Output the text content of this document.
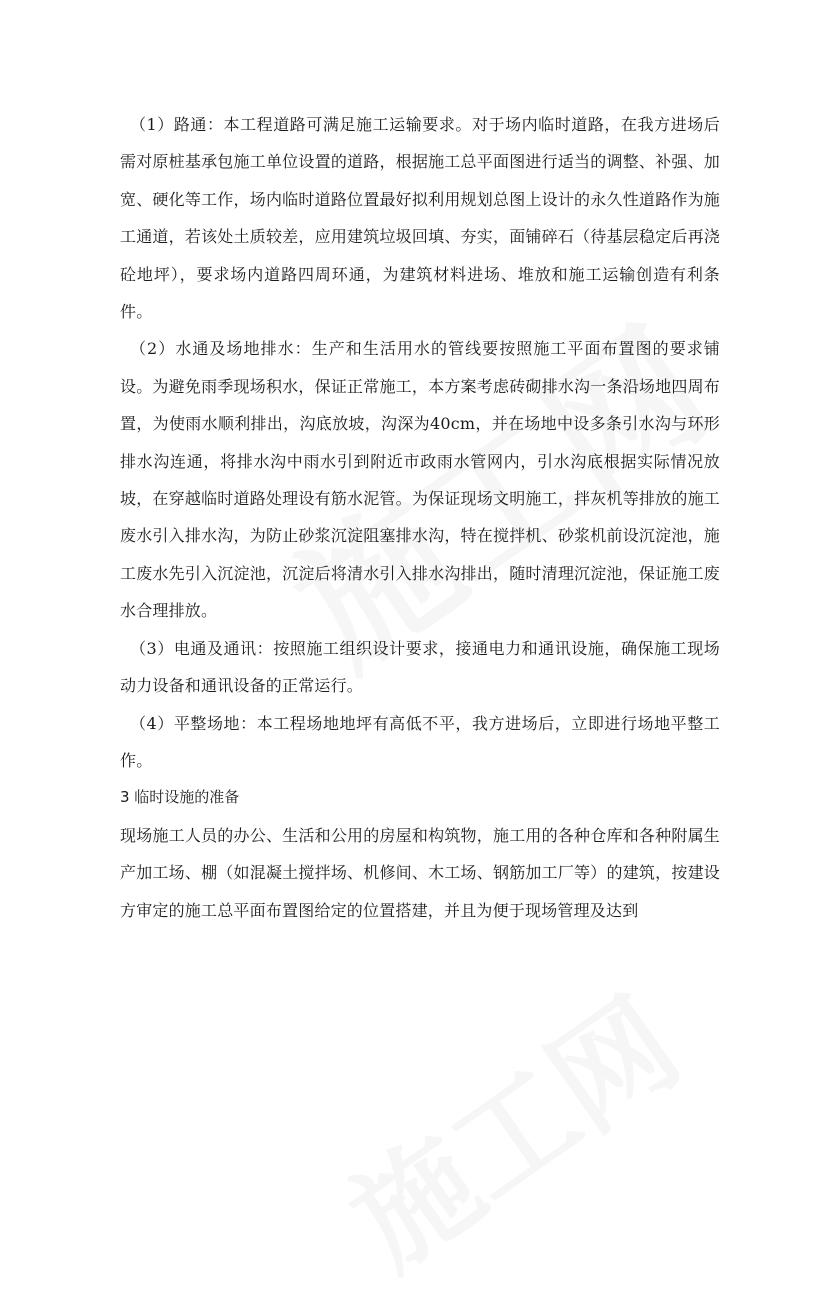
（1）路通：本工程道路可满足施工运输要求。对于场内临时道路，在我方进场后需对原桩基承包施工单位设置的道路，根据施工总平面图进行适当的调整、补强、加宽、硬化等工作，场内临时道路位置最好拟利用规划总图上设计的永久性道路作为施工通道，若该处土质较差，应用建筑垃圾回填、夯实，面铺碎石（待基层稳定后再浇砼地坪），要求场内道路四周环通，为建筑材料进场、堆放和施工运输创造有利条件。

（2）水通及场地排水：生产和生活用水的管线要按照施工平面布置图的要求铺设。为避免雨季现场积水，保证正常施工，本方案考虑砖砌排水沟一条沿场地四周布置，为使雨水顺利排出，沟底放坡，沟深为40cm，并在场地中设多条引水沟与环形排水沟连通，将排水沟中雨水引到附近市政雨水管网内，引水沟底根据实际情况放坡，在穿越临时道路处理设有筋水泥管。为保证现场文明施工，拌灰机等排放的施工废水引入排水沟，为防止砂浆沉淀阻塞排水沟，特在搅拌机、砂浆机前设沉淀池，施工废水先引入沉淀池，沉淀后将清水引入排水沟排出，随时清理沉淀池，保证施工废水合理排放。

（3）电通及通讯：按照施工组织设计要求，接通电力和通讯设施，确保施工现场动力设备和通讯设备的正常运行。

（4）平整场地：本工程场地地坪有高低不平，我方进场后，立即进行场地平整工作。

3 临时设施的准备

现场施工人员的办公、生活和公用的房屋和构筑物，施工用的各种仓库和各种附属生产加工场、棚（如混凝土搅拌场、机修间、木工场、钢筋加工厂等）的建筑，按建设方审定的施工总平面布置图给定的位置搭建，并且为便于现场管理及达到
